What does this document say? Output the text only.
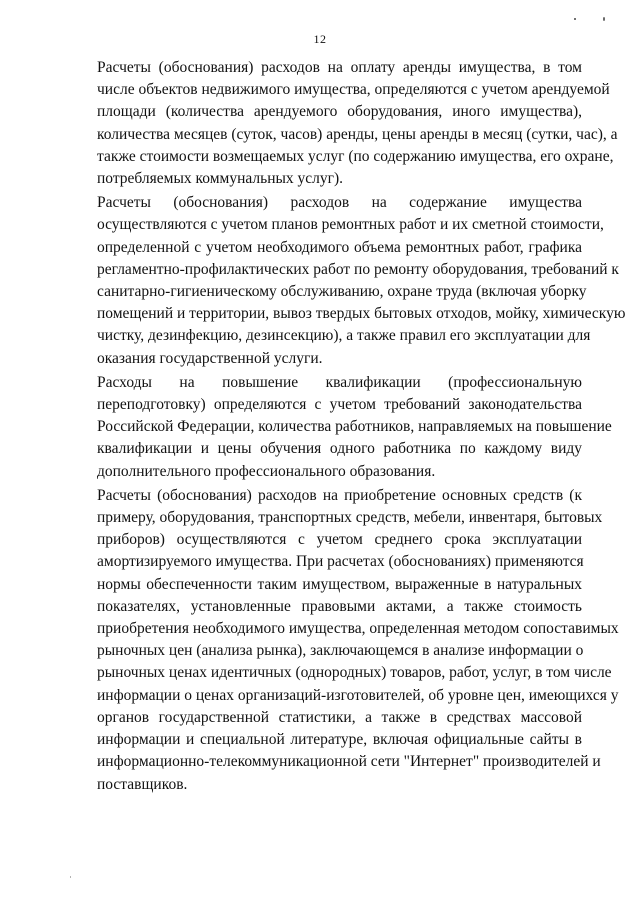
12

Расчеты (обоснования) расходов на оплату аренды имущества, в том
числе объектов недвижимого имущества, определяются с учетом арендуемой
площади (количества арендуемого оборудования, иного имущества),
количества месяцев (суток, часов) аренды, цены аренды в месяц (сутки, час), а
также стоимости возмещаемых услуг (по содержанию имущества, его охране,
потребляемых коммунальных услуг).

Расчеты (обоснования) расходов на содержание имущества
осуществляются с учетом планов ремонтных работ и их сметной стоимости,
определенной с учетом необходимого объема ремонтных работ, графика
регламентно-профилактических работ по ремонту оборудования, требований к
санитарно-гигиеническому обслуживанию, охране труда (включая уборку
помещений и территории, вывоз твердых бытовых отходов, мойку, химическую
чистку, дезинфекцию, дезинсекцию), а также правил его эксплуатации для
оказания государственной услуги.

Расходы на повышение квалификации (профессиональную
переподготовку) определяются с учетом требований законодательства
Российской Федерации, количества работников, направляемых на повышение
квалификации и цены обучения одного работника по каждому виду
дополнительного профессионального образования.

Расчеты (обоснования) расходов на приобретение основных средств (к
примеру, оборудования, транспортных средств, мебели, инвентаря, бытовых
приборов) осуществляются с учетом среднего срока эксплуатации
амортизируемого имущества. При расчетах (обоснованиях) применяются
нормы обеспеченности таким имуществом, выраженные в натуральных
показателях, установленные правовыми актами, а также стоимость
приобретения необходимого имущества, определенная методом сопоставимых
рыночных цен (анализа рынка), заключающемся в анализе информации о
рыночных ценах идентичных (однородных) товаров, работ, услуг, в том числе
информации о ценах организаций-изготовителей, об уровне цен, имеющихся у
органов государственной статистики, а также в средствах массовой
информации и специальной литературе, включая официальные сайты в
информационно-телекоммуникационной сети "Интернет" производителей и
поставщиков.
